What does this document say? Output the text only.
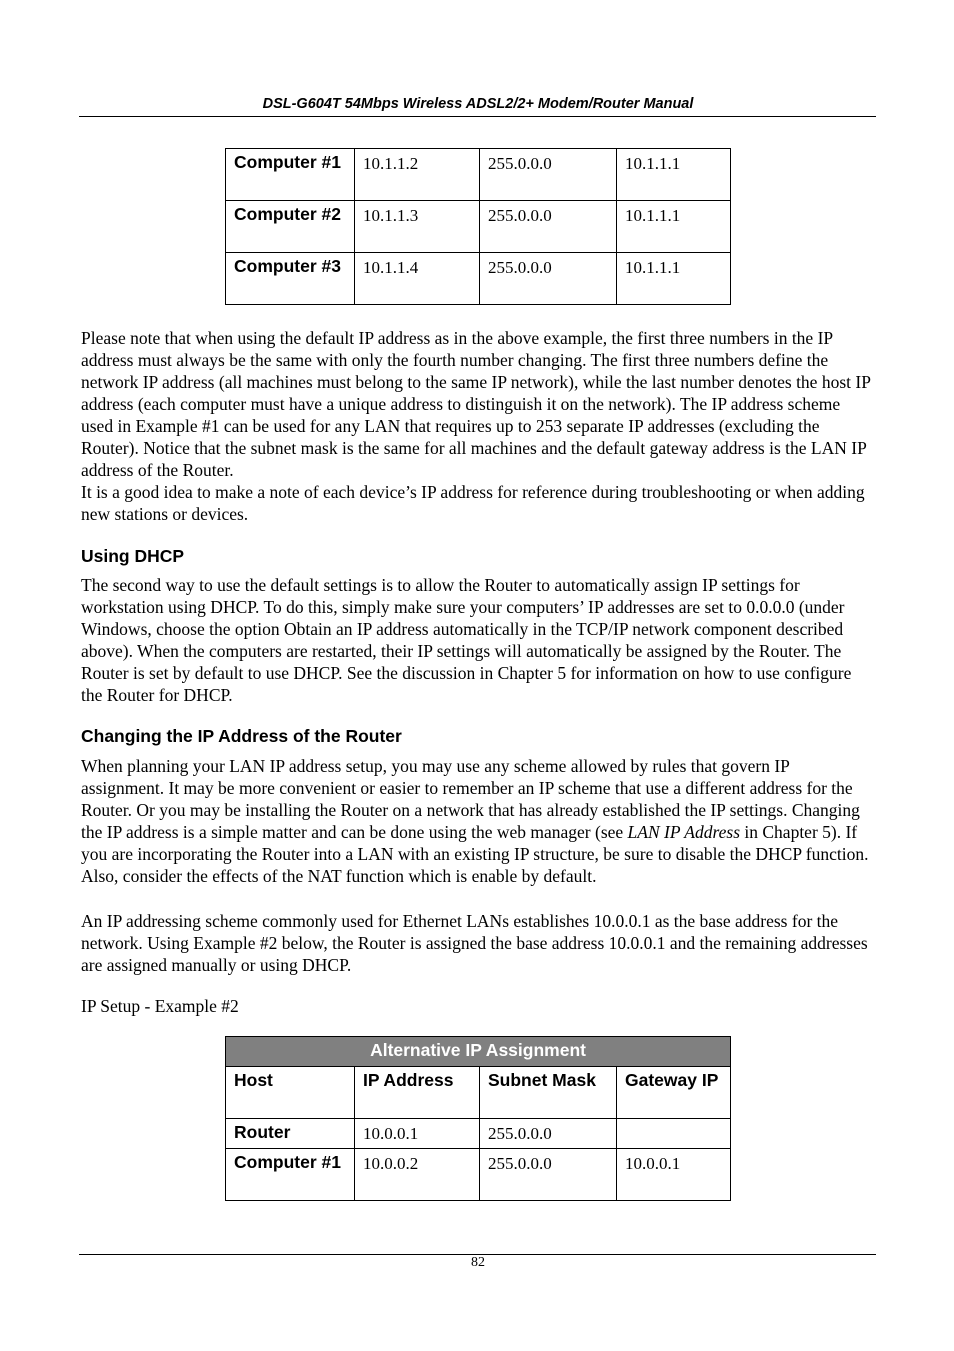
DSL-G604T 54Mbps Wireless ADSL2/2+ Modem/Router Manual
Computer #1	10.1.1.2	255.0.0.0	10.1.1.1
Computer #2	10.1.1.3	255.0.0.0	10.1.1.1
Computer #3	10.1.1.4	255.0.0.0	10.1.1.1
Please note that when using the default IP address as in the above example, the first three numbers in the IP address must always be the same with only the fourth number changing. The first three numbers define the network IP address (all machines must belong to the same IP network), while the last number denotes the host IP address (each computer must have a unique address to distinguish it on the network). The IP address scheme used in Example #1 can be used for any LAN that requires up to 253 separate IP addresses (excluding the Router). Notice that the subnet mask is the same for all machines and the default gateway address is the LAN IP address of the Router.
It is a good idea to make a note of each device’s IP address for reference during troubleshooting or when adding new stations or devices.
Using DHCP
The second way to use the default settings is to allow the Router to automatically assign IP settings for workstation using DHCP. To do this, simply make sure your computers’ IP addresses are set to 0.0.0.0 (under Windows, choose the option Obtain an IP address automatically in the TCP/IP network component described above). When the computers are restarted, their IP settings will automatically be assigned by the Router. The Router is set by default to use DHCP. See the discussion in Chapter 5 for information on how to use configure the Router for DHCP.
Changing the IP Address of the Router
When planning your LAN IP address setup, you may use any scheme allowed by rules that govern IP assignment. It may be more convenient or easier to remember an IP scheme that use a different address for the Router. Or you may be installing the Router on a network that has already established the IP settings. Changing the IP address is a simple matter and can be done using the web manager (see LAN IP Address in Chapter 5). If you are incorporating the Router into a LAN with an existing IP structure, be sure to disable the DHCP function. Also, consider the effects of the NAT function which is enable by default.
An IP addressing scheme commonly used for Ethernet LANs establishes 10.0.0.1 as the base address for the network. Using Example #2 below, the Router is assigned the base address 10.0.0.1 and the remaining addresses are assigned manually or using DHCP.
IP Setup - Example #2
Alternative IP Assignment			
Host	IP Address	Subnet Mask	Gateway IP
Router	10.0.0.1	255.0.0.0	
Computer #1	10.0.0.2	255.0.0.0	10.0.0.1
82
